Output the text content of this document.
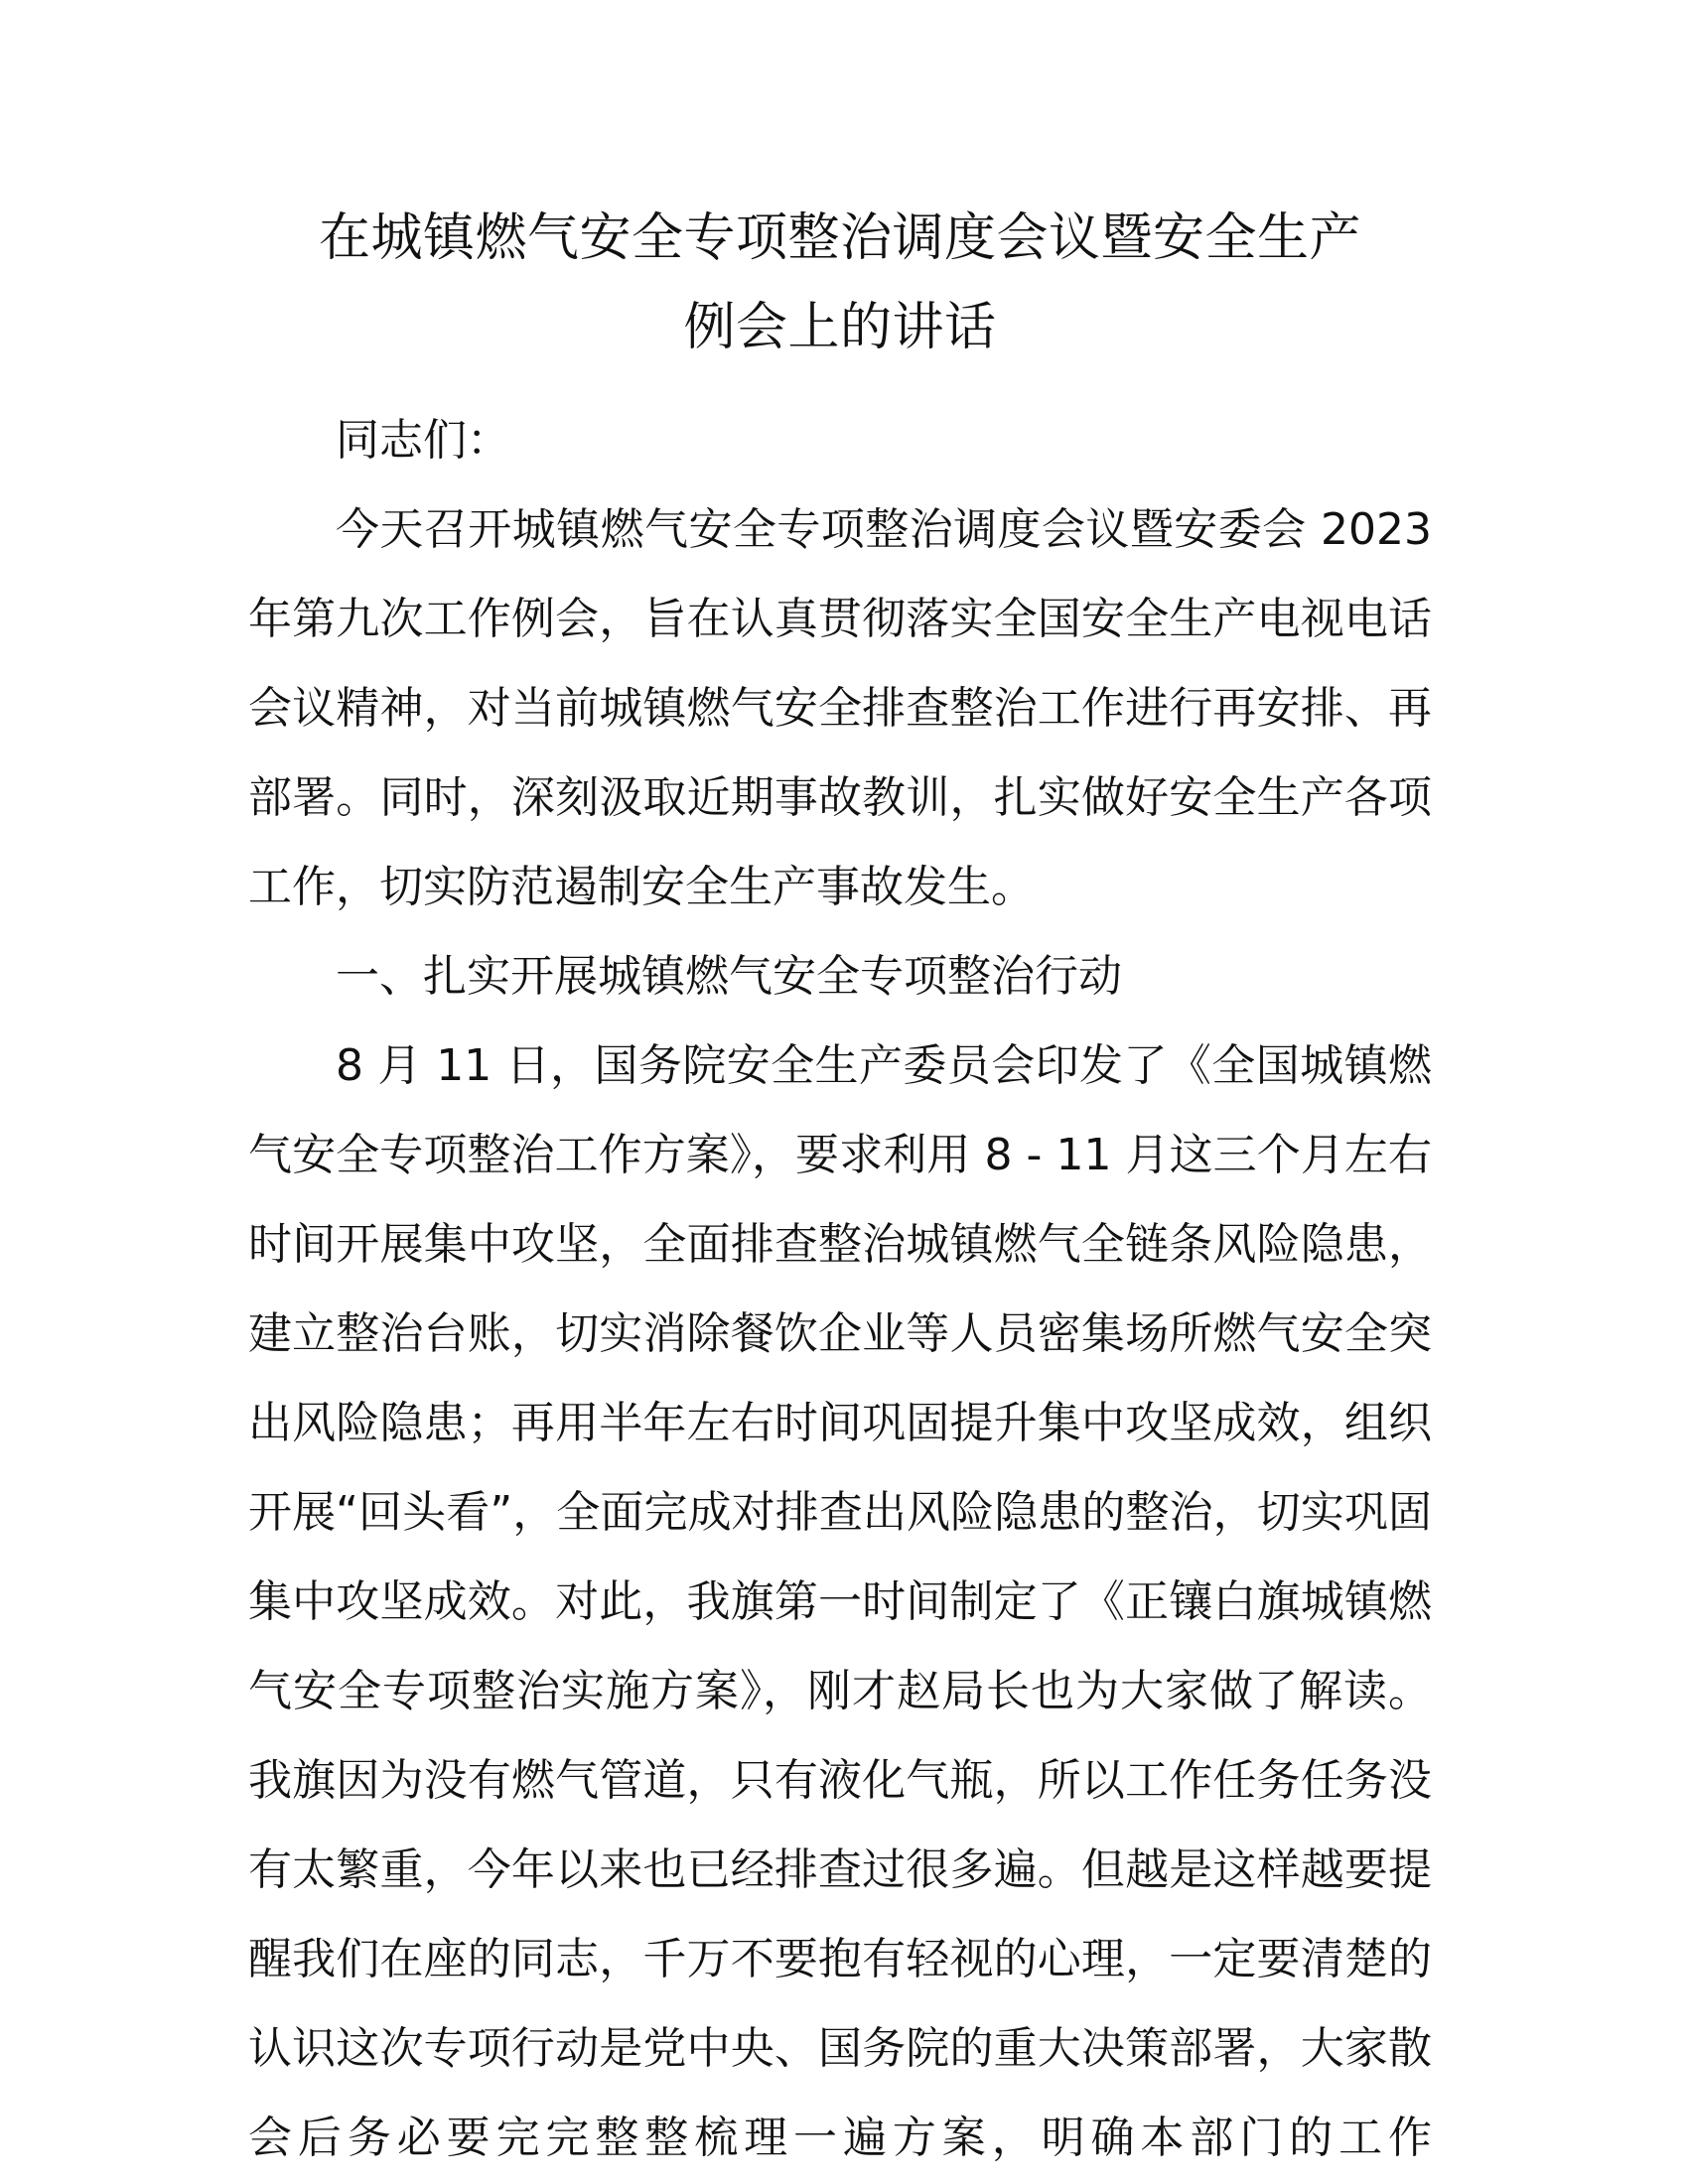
在城镇燃气安全专项整治调度会议暨安全生产
例会上的讲话

同志们：

今天召开城镇燃气安全专项整治调度会议暨安委会 2023 年第九次工作例会，旨在认真贯彻落实全国安全生产电视电话会议精神，对当前城镇燃气安全排查整治工作进行再安排、再部署。同时，深刻汲取近期事故教训，扎实做好安全生产各项工作，切实防范遏制安全生产事故发生。

一、扎实开展城镇燃气安全专项整治行动

8 月 11 日，国务院安全生产委员会印发了《全国城镇燃气安全专项整治工作方案》，要求利用 8 - 11 月这三个月左右时间开展集中攻坚，全面排查整治城镇燃气全链条风险隐患，建立整治台账，切实消除餐饮企业等人员密集场所燃气安全突出风险隐患；再用半年左右时间巩固提升集中攻坚成效，组织开展“回头看”，全面完成对排查出风险隐患的整治，切实巩固集中攻坚成效。对此，我旗第一时间制定了《正镶白旗城镇燃气安全专项整治实施方案》，刚才赵局长也为大家做了解读。我旗因为没有燃气管道，只有液化气瓶，所以工作任务任务没有太繁重，今年以来也已经排查过很多遍。但越是这样越要提醒我们在座的同志，千万不要抱有轻视的心理，一定要清楚的认识这次专项行动是党中央、国务院的重大决策部署，大家散会后务必要完完整整梳理一遍方案，明确本部门的工作
